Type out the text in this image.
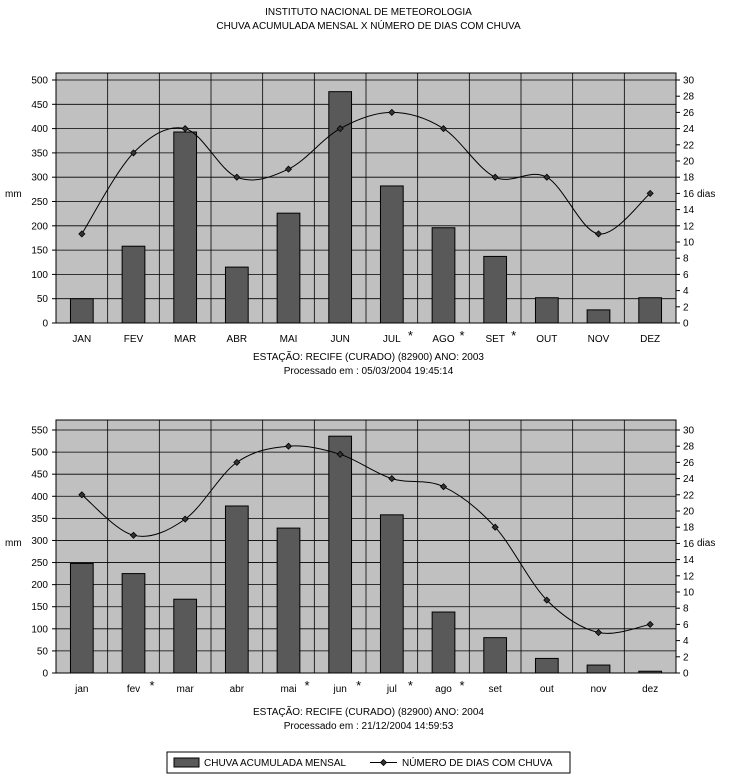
INSTITUTO NACIONAL DE METEOROLOGIA
CHUVA ACUMULADA MENSAL X NÚMERO DE DIAS COM CHUVA
0
50
100
150
200
250
300
350
400
450
500
0
2
4
6
8
10
12
14
16
18
20
22
24
26
28
30
mm	dias
JAN	FEV	MAR	ABR	MAI	JUN	JUL * AGO * SET * OUT	NOV	DEZ
0
50
100
150
200
250
300
350
400
450
500
550
0
2
4
6
8
10
12
14
16
18
20
22
24
26
28
30
mm	dias
jan	fev * mar	abr	mai * jun *	jul * ago * set	out	nov	dez
CHUVA ACUMULADA MENSAL	NÚMERO DE DIAS COM CHUVA
ESTAÇÃO: RECIFE (CURADO) (82900) ANO: 2003
Processado em : 05/03/2004 19:45:14
ESTAÇÃO: RECIFE (CURADO) (82900) ANO: 2004
Processado em : 21/12/2004 14:59:53
